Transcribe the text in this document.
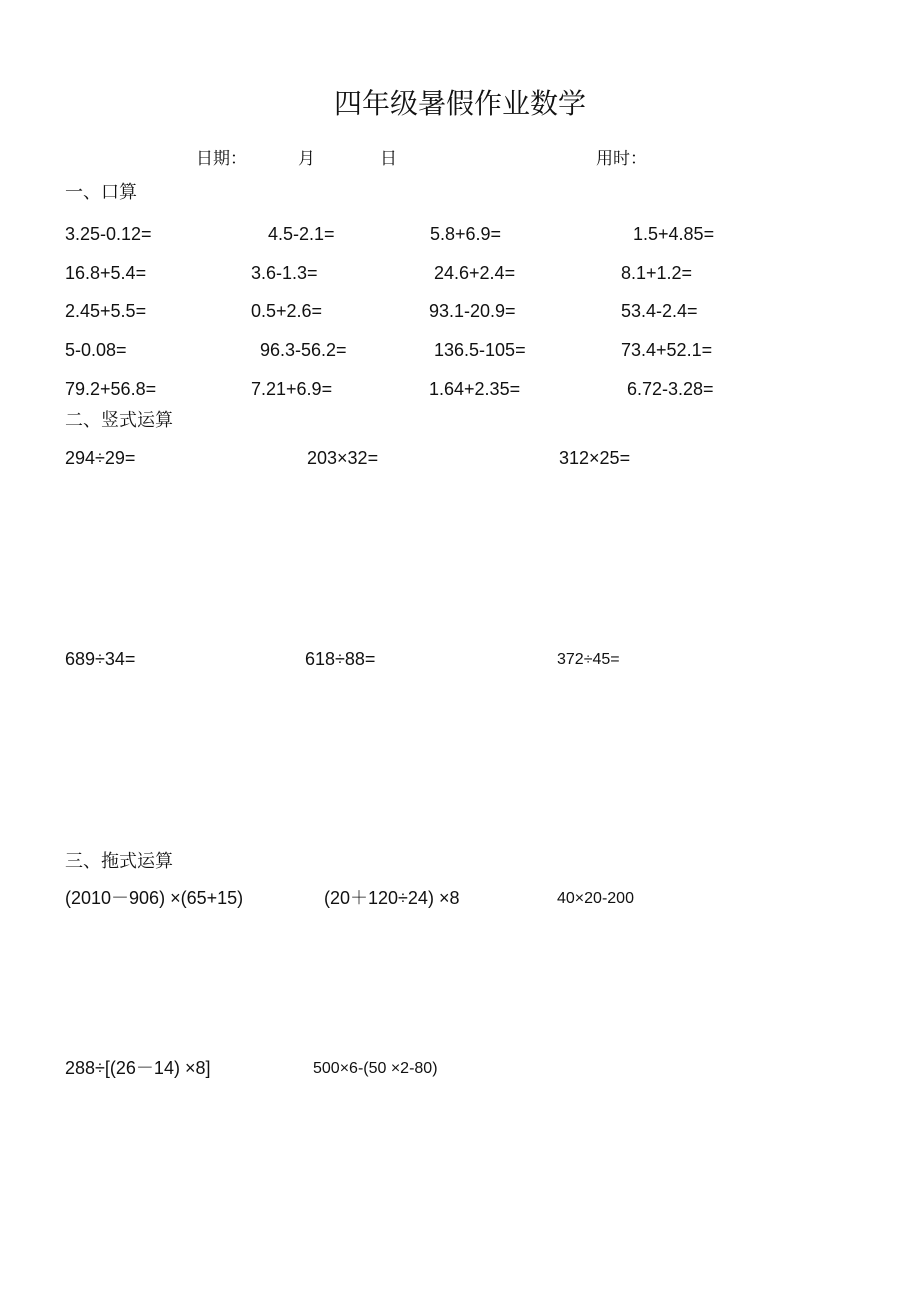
四年级暑假作业数学
日期：	月	日	用时：
一、口算
3.25-0.12=	4.5-2.1=	5.8+6.9=	1.5+4.85=
16.8+5.4=	3.6-1.3=	24.6+2.4=	8.1+1.2=
2.45+5.5=	0.5+2.6=	93.1-20.9=	53.4-2.4=
5-0.08=	96.3-56.2=	136.5-105=	73.4+52.1=
79.2+56.8=	7.21+6.9=	1.64+2.35=	6.72-3.28=
二、竖式运算
294÷29=	203×32=	312×25=
689÷34=	618÷88=	372÷45=
三、拖式运算
(2010－906) ×(65+15)	(20＋120÷24) ×8	40×20-200
288÷[(26－14) ×8]	500×6-(50 ×2-80)
